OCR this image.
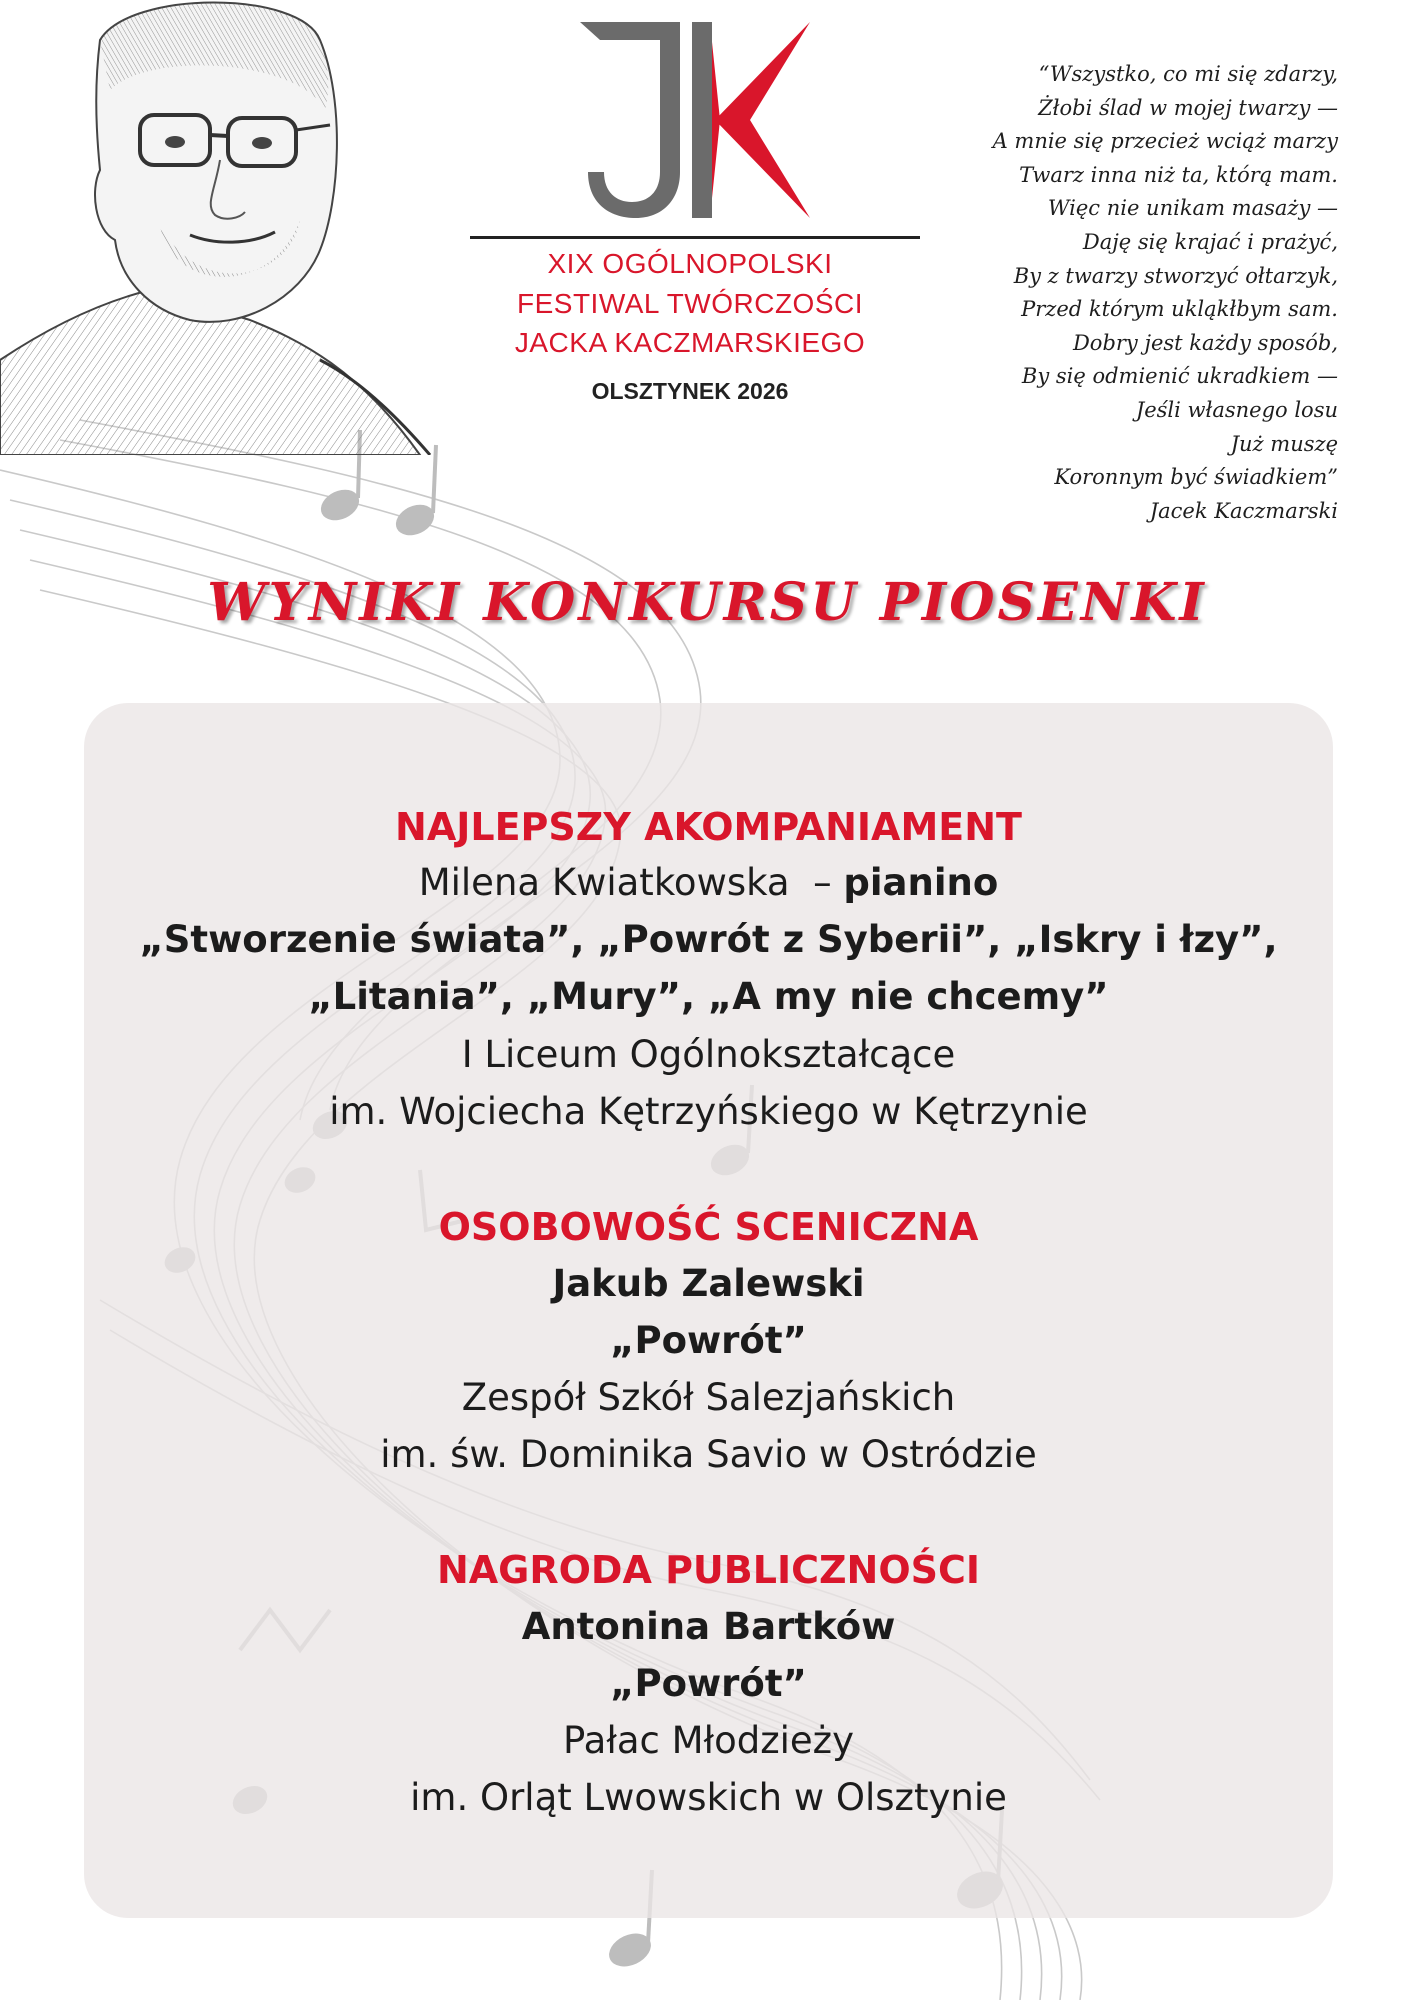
XIX OGÓLNOPOLSKI
FESTIWAL TWÓRCZOŚCI
JACKA KACZMARSKIEGO
OLSZTYNEK 2026
“Wszystko, co mi się zdarzy,
Żłobi ślad w mojej twarzy —
A mnie się przecież wciąż marzy
Twarz inna niż ta, którą mam.
Więc nie unikam masaży —
Daję się krajać i prażyć,
By z twarzy stworzyć ołtarzyk,
Przed którym ukląkłbym sam.
Dobry jest każdy sposób,
By się odmienić ukradkiem —
Jeśli własnego losu
Już muszę
Koronnym być świadkiem”
Jacek Kaczmarski
WYNIKI KONKURSU PIOSENKI
NAJLEPSZY AKOMPANIAMENT
Milena Kwiatkowska – pianino
„Stworzenie świata”, „Powrót z Syberii”, „Iskry i łzy”,
„Litania”, „Mury”, „A my nie chcemy”
I Liceum Ogólnokształcące
im. Wojciecha Kętrzyńskiego w Kętrzynie
OSOBOWOŚĆ SCENICZNA
Jakub Zalewski
„Powrót”
Zespół Szkół Salezjańskich
im. św. Dominika Savio w Ostródzie
NAGRODA PUBLICZNOŚCI
Antonina Bartków
„Powrót”
Pałac Młodzieży
im. Orląt Lwowskich w Olsztynie
